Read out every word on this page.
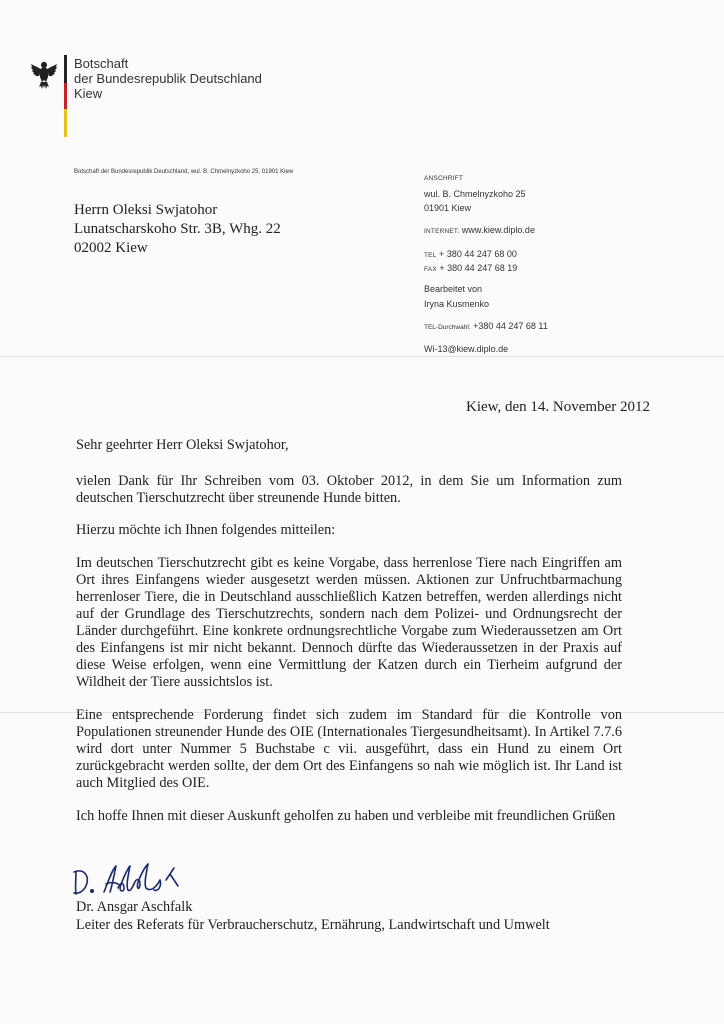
Botschaft
der Bundesrepublik Deutschland
Kiew
Botschaft der Bundesrepublik Deutschland, wul. B. Chmelnyzkoho 25, 01901 Kiew
Herrn Oleksi Swjatohor
Lunatscharskoho Str. 3B, Whg. 22
02002 Kiew
ANSCHRIFT
wul. B. Chmelnyzkoho 25
01901 Kiew
INTERNET: www.kiew.diplo.de
TEL + 380 44 247 68 00
FAX + 380 44 247 68 19
Bearbeitet von
Iryna Kusmenko
TEL-Durchwahl: +380 44 247 68 11
Wi-13@kiew.diplo.de
Kiew, den 14. November 2012

Sehr geehrter Herr Oleksi Swjatohor,

vielen Dank für Ihr Schreiben vom 03. Oktober 2012, in dem Sie um Information zum deutschen Tierschutzrecht über streunende Hunde bitten.

Hierzu möchte ich Ihnen folgendes mitteilen:

Im deutschen Tierschutzrecht gibt es keine Vorgabe, dass herrenlose Tiere nach Eingriffen am Ort ihres Einfangens wieder ausgesetzt werden müssen. Aktionen zur Unfruchtbarmachung herrenloser Tiere, die in Deutschland ausschließlich Katzen betreffen, werden allerdings nicht auf der Grundlage des Tierschutzrechts, sondern nach dem Polizei- und Ordnungsrecht der Länder durchgeführt. Eine konkrete ordnungsrechtliche Vorgabe zum Wiederaussetzen am Ort des Einfangens ist mir nicht bekannt. Dennoch dürfte das Wiederaussetzen in der Praxis auf diese Weise erfolgen, wenn eine Vermittlung der Katzen durch ein Tierheim aufgrund der Wildheit der Tiere aussichtslos ist.

Eine entsprechende Forderung findet sich zudem im Standard für die Kontrolle von Populationen streunender Hunde des OIE (Internationales Tiergesundheitsamt). In Artikel 7.7.6 wird dort unter Nummer 5 Buchstabe c vii. ausgeführt, dass ein Hund zu einem Ort zurückgebracht werden sollte, der dem Ort des Einfangens so nah wie möglich ist. Ihr Land ist auch Mitglied des OIE.

Ich hoffe Ihnen mit dieser Auskunft geholfen zu haben und verbleibe mit freundlichen Grüßen

Dr. Ansgar Aschfalk
Leiter des Referats für Verbraucherschutz, Ernährung, Landwirtschaft und Umwelt
